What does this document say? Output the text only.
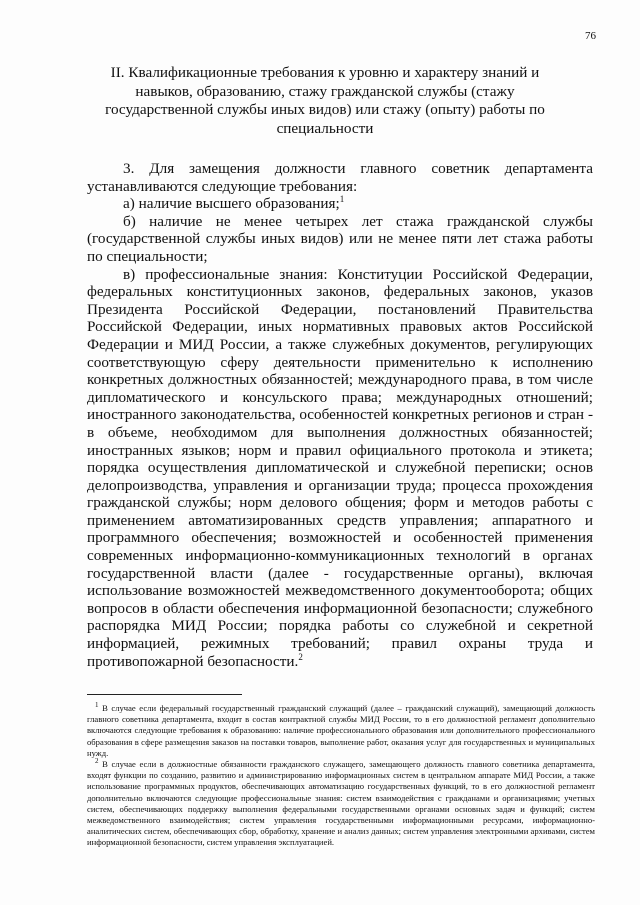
76
II. Квалификационные требования к уровню и характеру знаний и навыков, образованию, стажу гражданской службы (стажу государственной службы иных видов) или стажу (опыту) работы по специальности

3. Для замещения должности главного советник департамента устанавливаются следующие требования:

а) наличие высшего образования;$^1$

б) наличие не менее четырех лет стажа гражданской службы (государственной службы иных видов) или не менее пяти лет стажа работы по специальности;

в) профессиональные знания: Конституции Российской Федерации, федеральных конституционных законов, федеральных законов, указов Президента Российской Федерации, постановлений Правительства Российской Федерации, иных нормативных правовых актов Российской Федерации и МИД России, а также служебных документов, регулирующих соответствующую сферу деятельности применительно к исполнению конкретных должностных обязанностей; международного права, в том числе дипломатического и консульского права; международных отношений; иностранного законодательства, особенностей конкретных регионов и стран - в объеме, необходимом для выполнения должностных обязанностей; иностранных языков; норм и правил официального протокола и этикета; порядка осуществления дипломатической и служебной переписки; основ делопроизводства, управления и организации труда; процесса прохождения гражданской службы; норм делового общения; форм и методов работы с применением автоматизированных средств управления; аппаратного и программного обеспечения; возможностей и особенностей применения современных информационно-коммуникационных технологий в органах государственной власти (далее - государственные органы), включая использование возможностей межведомственного документооборота; общих вопросов в области обеспечения информационной безопасности; служебного распорядка МИД России; порядка работы со служебной и секретной информацией, режимных требований; правил охраны труда и противопожарной безопасности.$^2$

$^1$ В случае если федеральный государственный гражданский служащий (далее – гражданский служащий), замещающий должность главного советника департамента, входит в состав контрактной службы МИД России, то в его должностной регламент дополнительно включаются следующие требования к образованию: наличие профессионального образования или дополнительного профессионального образования в сфере размещения заказов на поставки товаров, выполнение работ, оказания услуг для государственных и муниципальных нужд.

$^2$ В случае если в должностные обязанности гражданского служащего, замещающего должность главного советника департамента, входят функции по созданию, развитию и администрированию информационных систем в центральном аппарате МИД России, а также использование программных продуктов, обеспечивающих автоматизацию государственных функций, то в его должностной регламент дополнительно включаются следующие профессиональные знания: систем взаимодействия с гражданами и организациями; учетных систем, обеспечивающих поддержку выполнения федеральными государственными органами основных задач и функций; систем межведомственного взаимодействия; систем управления государственными информационными ресурсами, информационно-аналитических систем, обеспечивающих сбор, обработку, хранение и анализ данных; систем управления электронными архивами, систем информационной безопасности, систем управления эксплуатацией.
